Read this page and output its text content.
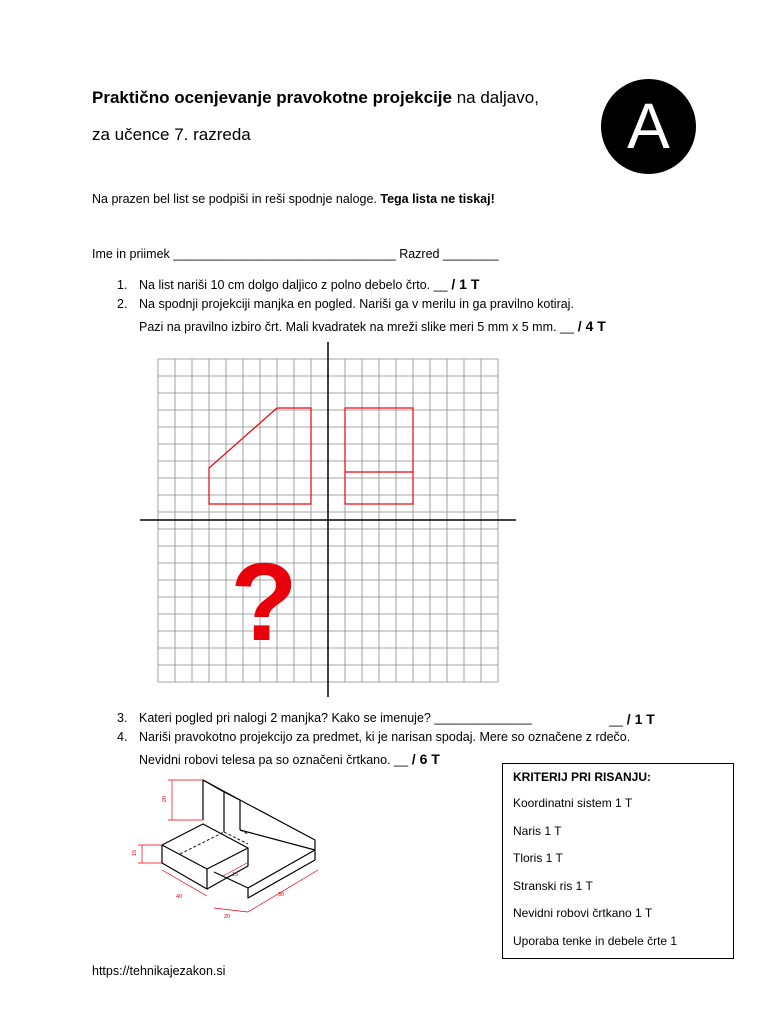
Praktično ocenjevanje pravokotne projekcije na daljavo,
za učence 7. razreda	A
Na prazen bel list se podpiši in reši spodnje naloge. Tega lista ne tiskaj!
Ime in priimek ________________________________ Razred ________
1. Na list nariši 10 cm dolgo daljico z polno debelo črto. __ / 1 T
2. Na spodnji projekciji manjka en pogled. Nariši ga v merilu in ga pravilno kotiraj.
Pazi na pravilno izbiro črt. Mali kvadratek na mreži slike meri 5 mm x 5 mm. __ / 4 T
?
3. Kateri pogled pri nalogi 2 manjka? Kako se imenuje? ______________	__ / 1 T
4. Nariši pravokotno projekcijo za predmet, ki je narisan spodaj. Mere so označene z rdečo.
Nevidni robovi telesa pa so označeni črtkano. __ / 6 T
20
15
15
40	30
20
KRITERIJ PRI RISANJU:
Koordinatni sistem 1 T
Naris 1 T
Tloris 1 T
Stranski ris 1 T
Nevidni robovi črtkano 1 T
Uporaba tenke in debele črte 1
https://tehnikajezakon.si
